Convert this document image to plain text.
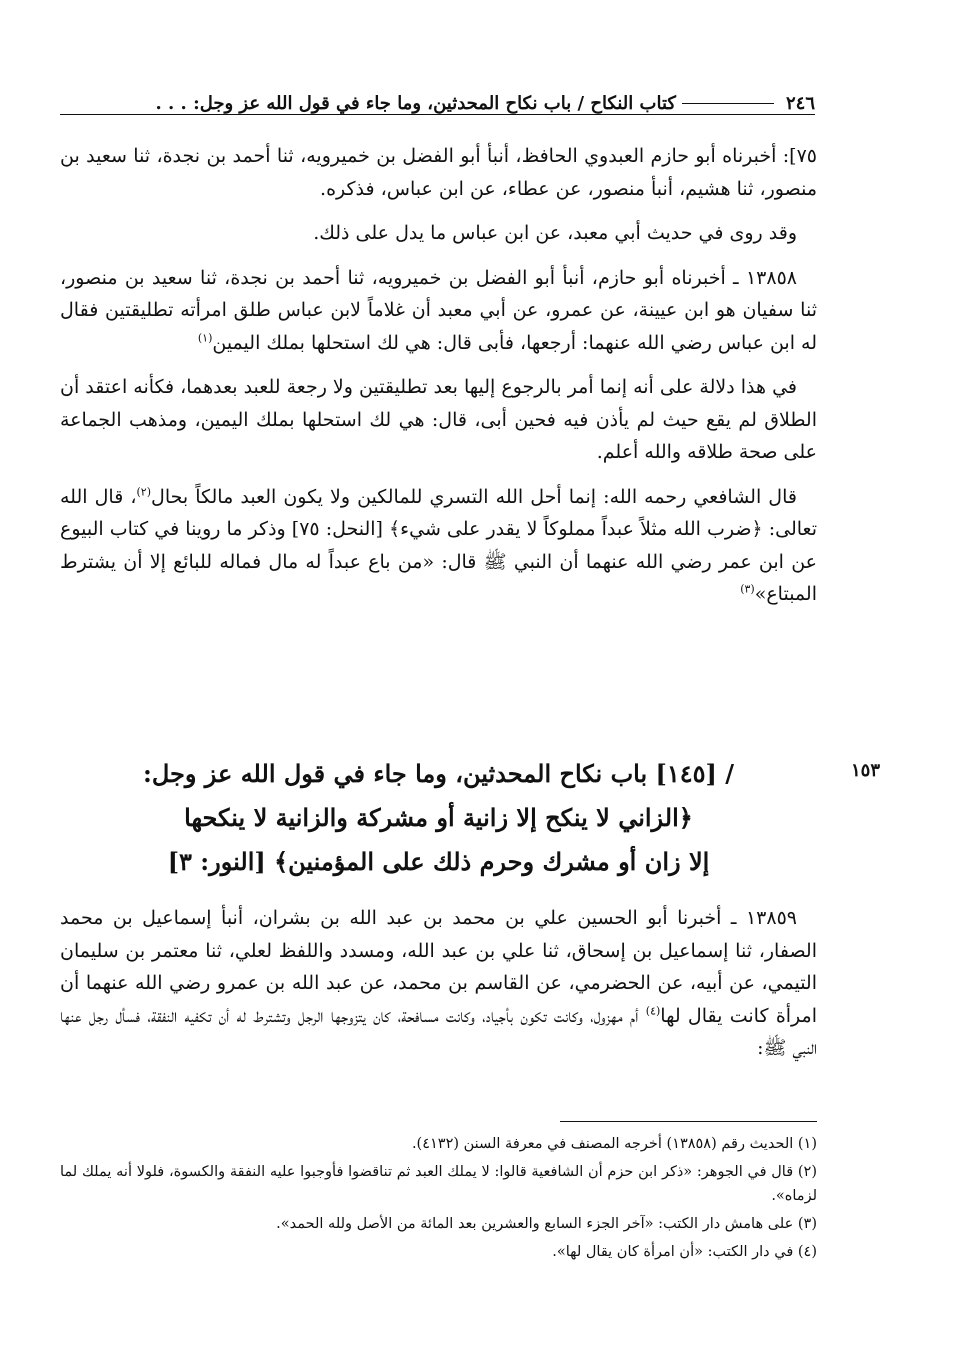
٢٤٦
كتاب النكاح / باب نكاح المحدثين، وما جاء في قول الله عز وجل: . . .

٧٥]: أخبرناه أبو حازم العبدوي الحافظ، أنبأ أبو الفضل بن خميرويه، ثنا أحمد بن نجدة، ثنا سعيد بن منصور، ثنا هشيم، أنبأ منصور، عن عطاء، عن ابن عباس، فذكره.

وقد روى في حديث أبي معبد، عن ابن عباس ما يدل على ذلك.

١٣٨٥٨ ـ أخبرناه أبو حازم، أنبأ أبو الفضل بن خميرويه، ثنا أحمد بن نجدة، ثنا سعيد بن منصور، ثنا سفيان هو ابن عيينة، عن عمرو، عن أبي معبد أن غلاماً لابن عباس طلق امرأته تطليقتين فقال له ابن عباس رضي الله عنهما: أرجعها، فأبى قال: هي لك استحلها بملك اليمين$^{(١)}$

في هذا دلالة على أنه إنما أمر بالرجوع إليها بعد تطليقتين ولا رجعة للعبد بعدهما، فكأنه اعتقد أن الطلاق لم يقع حيث لم يأذن فيه فحين أبى، قال: هي لك استحلها بملك اليمين، ومذهب الجماعة على صحة طلاقه والله أعلم.

قال الشافعي رحمه الله: إنما أحل الله التسري للمالكين ولا يكون العبد مالكاً بحال$^{(٢)}$، قال الله تعالى: ﴿ضرب الله مثلاً عبداً مملوكاً لا يقدر على شيء﴾ [النحل: ٧٥] وذكر ما روينا في كتاب البيوع عن ابن عمر رضي الله عنهما أن النبي ﷺ قال: «من باع عبداً له مال فماله للبائع إلا أن يشترط المبتاع»$^{(٣)}$

١٥٣
/ [١٤٥] باب نكاح المحدثين، وما جاء في قول الله عز وجل:
﴿الزاني لا ينكح إلا زانية أو مشركة والزانية لا ينكحها
إلا زان أو مشرك وحرم ذلك على المؤمنين﴾ [النور: ٣]

١٣٨٥٩ ـ أخبرنا أبو الحسين علي بن محمد بن عبد الله بن بشران، أنبأ إسماعيل بن محمد الصفار، ثنا إسماعيل بن إسحاق، ثنا علي بن عبد الله، ومسدد واللفظ لعلي، ثنا معتمر بن سليمان التيمي، عن أبيه، عن الحضرمي، عن القاسم بن محمد، عن عبد الله بن عمرو رضي الله عنهما أن امرأة كانت يقال لها$^{(٤)}$ أم مهزول، وكانت تكون بأجياد، وكانت مسافحة، كان يتزوجها الرجل وتشترط له أن تكفيه النفقة، فسأل رجل عنها النبي ﷺ:

(١) الحديث رقم (١٣٨٥٨) أخرجه المصنف في معرفة السنن (٤١٣٢).
(٢) قال في الجوهر: «ذكر ابن حزم أن الشافعية قالوا: لا يملك العبد ثم تناقضوا فأوجبوا عليه النفقة والكسوة، فلولا أنه يملك لما لزماه».
(٣) على هامش دار الكتب: «آخر الجزء السابع والعشرين بعد المائة من الأصل ولله الحمد».
(٤) في دار الكتب: «أن امرأة كان يقال لها».
